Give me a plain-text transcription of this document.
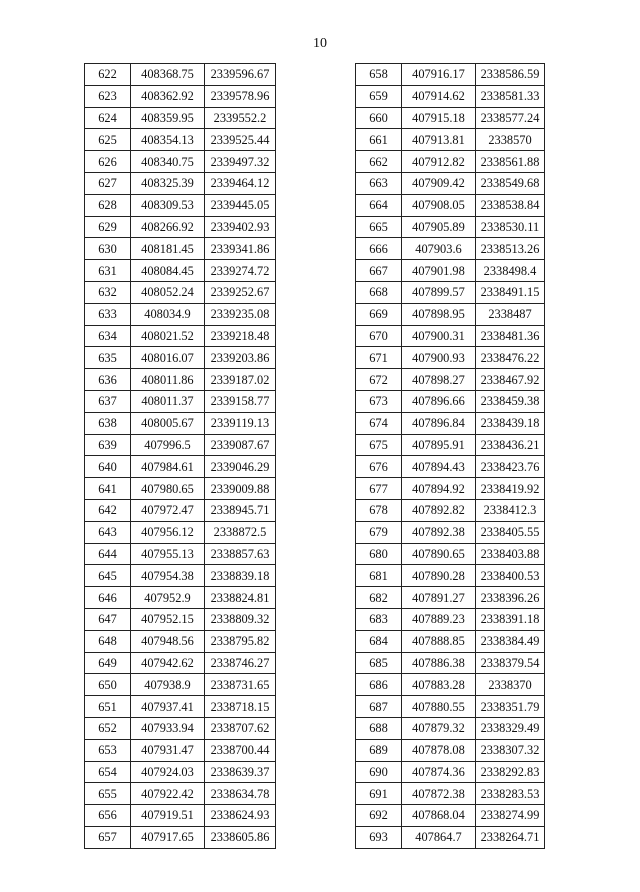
10
622	408368.75	2339596.67
623	408362.92	2339578.96
624	408359.95	2339552.2
625	408354.13	2339525.44
626	408340.75	2339497.32
627	408325.39	2339464.12
628	408309.53	2339445.05
629	408266.92	2339402.93
630	408181.45	2339341.86
631	408084.45	2339274.72
632	408052.24	2339252.67
633	408034.9	2339235.08
634	408021.52	2339218.48
635	408016.07	2339203.86
636	408011.86	2339187.02
637	408011.37	2339158.77
638	408005.67	2339119.13
639	407996.5	2339087.67
640	407984.61	2339046.29
641	407980.65	2339009.88
642	407972.47	2338945.71
643	407956.12	2338872.5
644	407955.13	2338857.63
645	407954.38	2338839.18
646	407952.9	2338824.81
647	407952.15	2338809.32
648	407948.56	2338795.82
649	407942.62	2338746.27
650	407938.9	2338731.65
651	407937.41	2338718.15
652	407933.94	2338707.62
653	407931.47	2338700.44
654	407924.03	2338639.37
655	407922.42	2338634.78
656	407919.51	2338624.93
657	407917.65	2338605.86
658	407916.17	2338586.59
659	407914.62	2338581.33
660	407915.18	2338577.24
661	407913.81	2338570
662	407912.82	2338561.88
663	407909.42	2338549.68
664	407908.05	2338538.84
665	407905.89	2338530.11
666	407903.6	2338513.26
667	407901.98	2338498.4
668	407899.57	2338491.15
669	407898.95	2338487
670	407900.31	2338481.36
671	407900.93	2338476.22
672	407898.27	2338467.92
673	407896.66	2338459.38
674	407896.84	2338439.18
675	407895.91	2338436.21
676	407894.43	2338423.76
677	407894.92	2338419.92
678	407892.82	2338412.3
679	407892.38	2338405.55
680	407890.65	2338403.88
681	407890.28	2338400.53
682	407891.27	2338396.26
683	407889.23	2338391.18
684	407888.85	2338384.49
685	407886.38	2338379.54
686	407883.28	2338370
687	407880.55	2338351.79
688	407879.32	2338329.49
689	407878.08	2338307.32
690	407874.36	2338292.83
691	407872.38	2338283.53
692	407868.04	2338274.99
693	407864.7	2338264.71
